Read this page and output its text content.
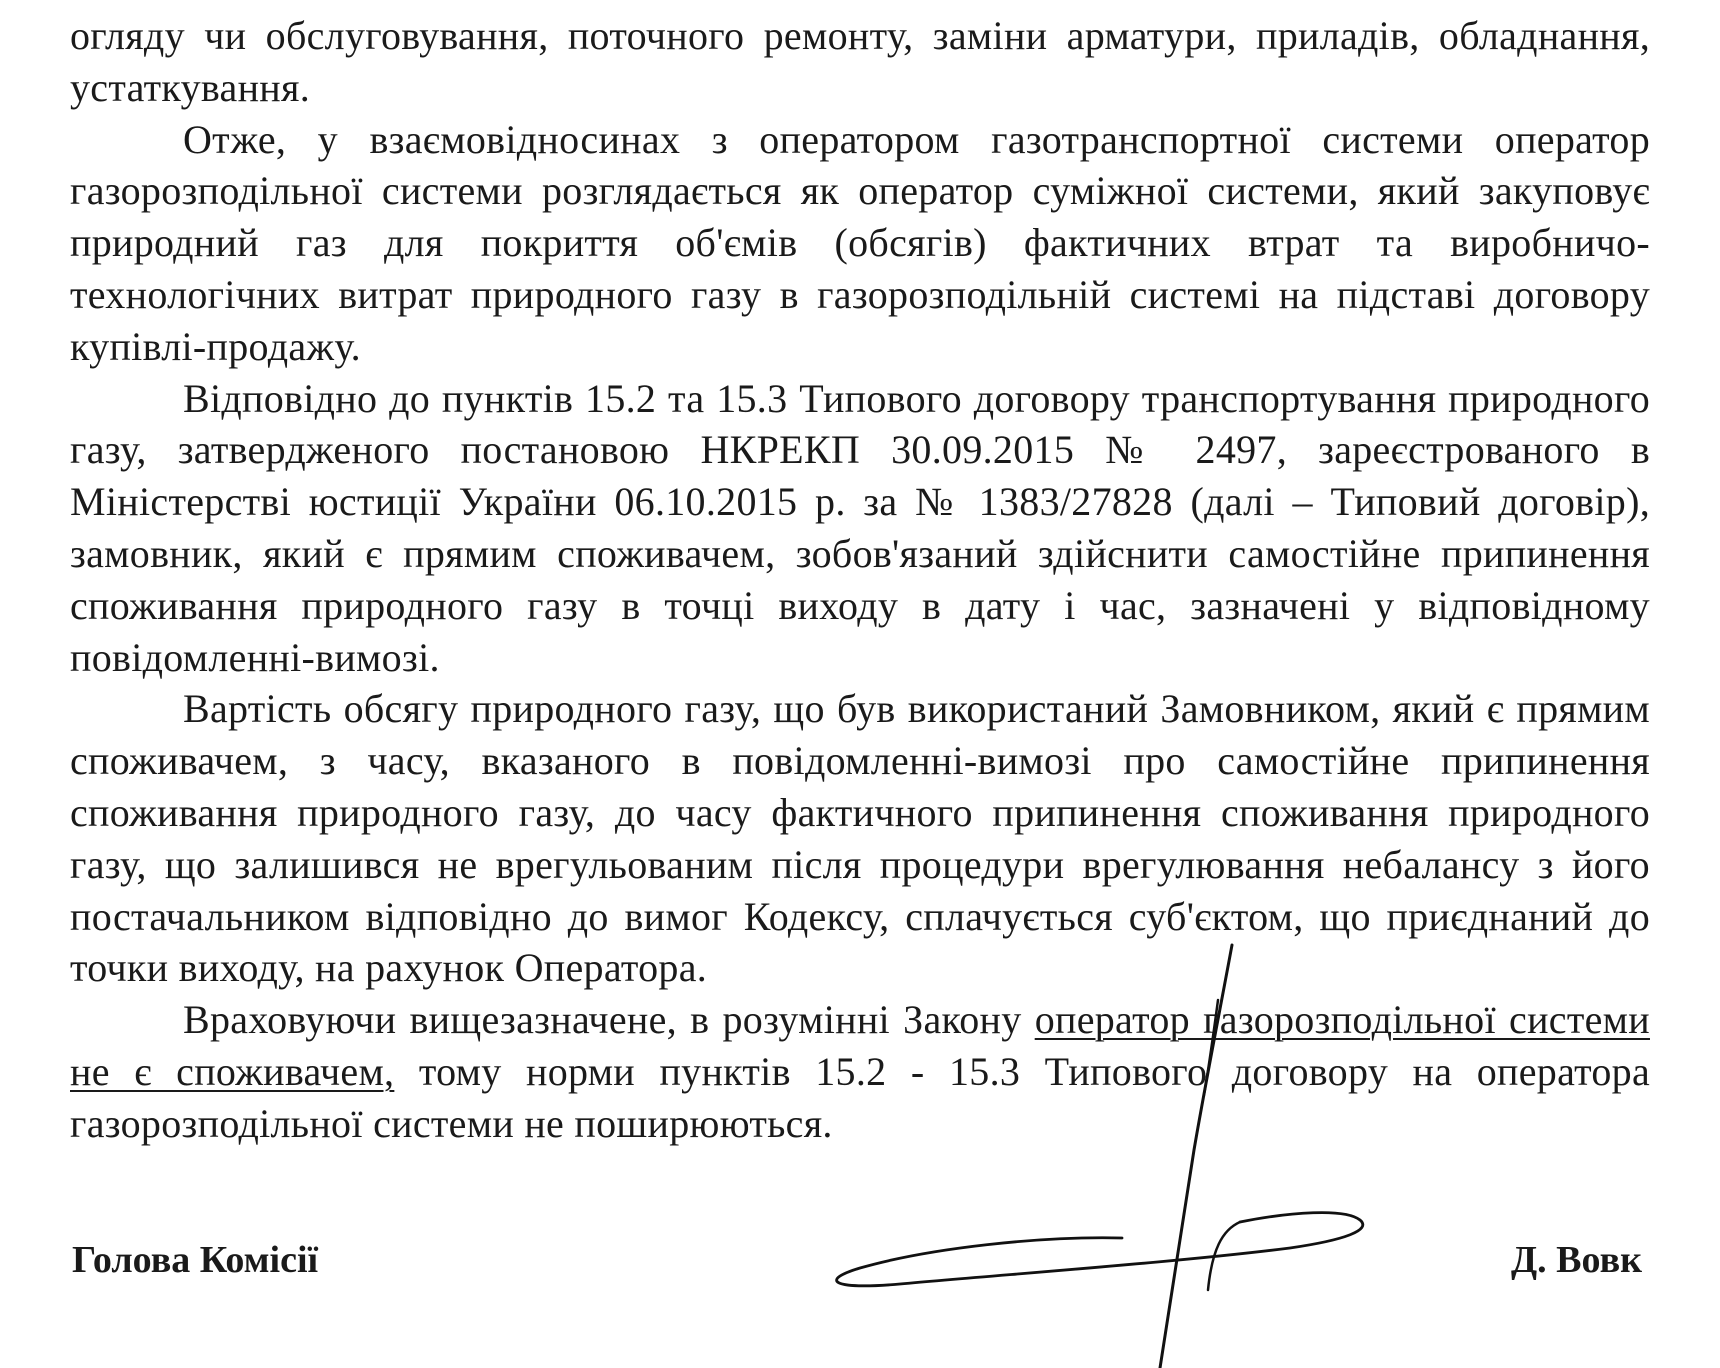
огляду чи обслуговування, поточного ремонту, заміни арматури, приладів, обладнання, устаткування.

Отже, у взаємовідносинах з оператором газотранспортної системи оператор газорозподільної системи розглядається як оператор суміжної системи, який закуповує природний газ для покриття об'ємів (обсягів) фактичних втрат та виробничо-технологічних витрат природного газу в газорозподільній системі на підставі договору купівлі-продажу.

Відповідно до пунктів 15.2 та 15.3 Типового договору транспортування природного газу, затвердженого постановою НКРЕКП 30.09.2015 № 2497, зареєстрованого в Міністерстві юстиції України 06.10.2015 р. за № 1383/27828 (далі – Типовий договір), замовник, який є прямим споживачем, зобов'язаний здійснити самостійне припинення споживання природного газу в точці виходу в дату і час, зазначені у відповідному повідомленні-вимозі.

Вартість обсягу природного газу, що був використаний Замовником, який є прямим споживачем, з часу, вказаного в повідомленні-вимозі про самостійне припинення споживання природного газу, до часу фактичного припинення споживання природного газу, що залишився не врегульованим після процедури врегулювання небалансу з його постачальником відповідно до вимог Кодексу, сплачується суб'єктом, що приєднаний до точки виходу, на рахунок Оператора.

Враховуючи вищезазначене, в розумінні Закону оператор газорозподільної системи не є споживачем, тому норми пунктів 15.2 - 15.3 Типового договору на оператора газорозподільної системи не поширюються.

Голова Комісії	Д. Вовк
